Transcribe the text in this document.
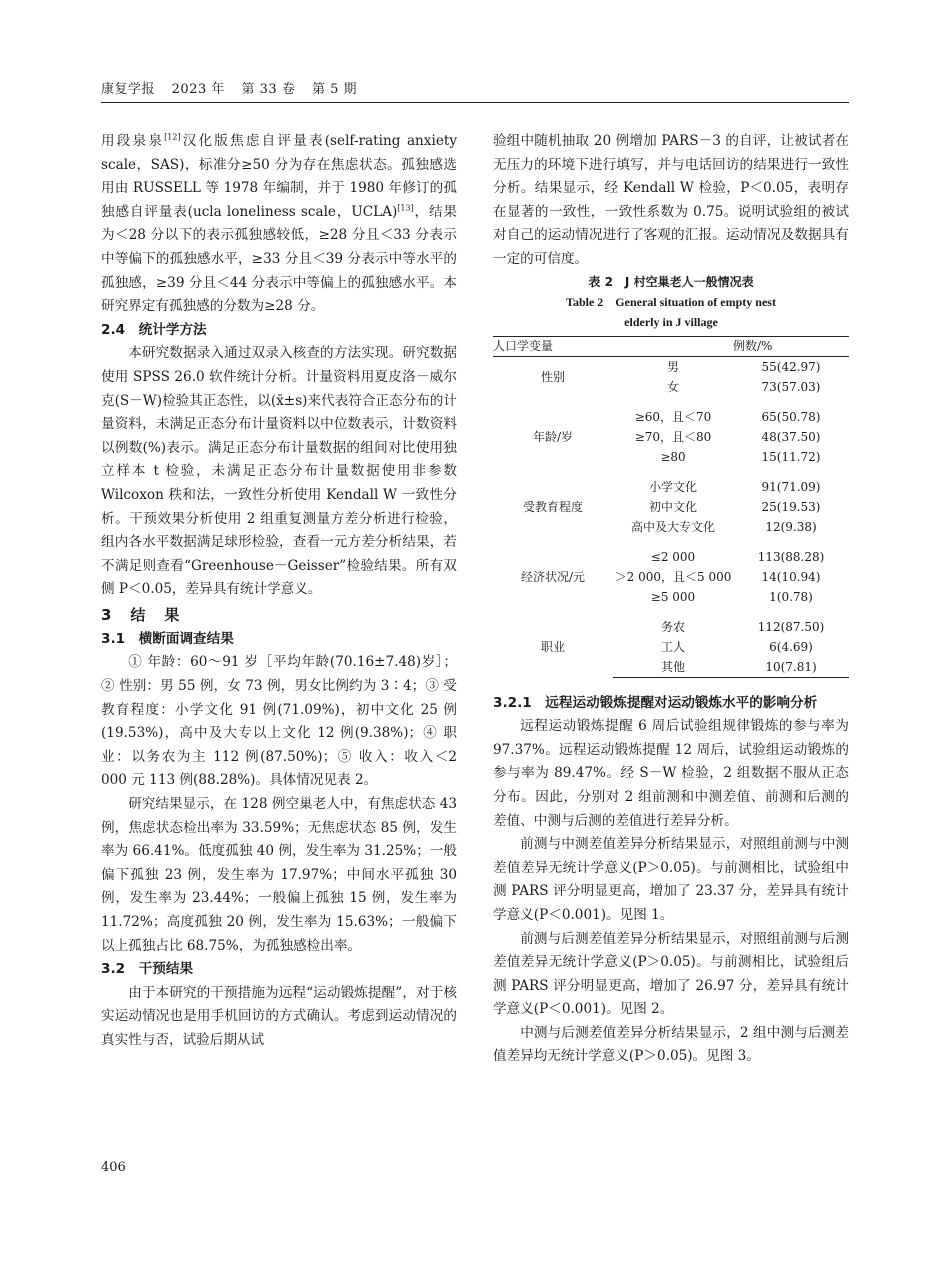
康复学报 2023 年 第 33 卷 第 5 期

用段泉泉[12]汉化版焦虑自评量表(self-rating anxiety scale，SAS)，标准分≥50 分为存在焦虑状态。孤独感选用由 RUSSELL 等 1978 年编制，并于 1980 年修订的孤独感自评量表(ucla loneliness scale，UCLA)[13]，结果为＜28 分以下的表示孤独感较低，≥28 分且＜33 分表示中等偏下的孤独感水平，≥33 分且＜39 分表示中等水平的孤独感，≥39 分且＜44 分表示中等偏上的孤独感水平。本研究界定有孤独感的分数为≥28 分。

2.4　统计学方法

本研究数据录入通过双录入核查的方法实现。研究数据使用 SPSS 26.0 软件统计分析。计量资料用夏皮洛－威尔克(S－W)检验其正态性，以(x̄±s)来代表符合正态分布的计量资料，未满足正态分布计量资料以中位数表示，计数资料以例数(%)表示。满足正态分布计量数据的组间对比使用独立样本 t 检验，未满足正态分布计量数据使用非参数 Wilcoxon 秩和法，一致性分析使用 Kendall W 一致性分析。干预效果分析使用 2 组重复测量方差分析进行检验，组内各水平数据满足球形检验，查看一元方差分析结果，若不满足则查看“Greenhouse－Geisser”检验结果。所有双侧 P＜0.05，差异具有统计学意义。

3　结　果

3.1　横断面调查结果

① 年龄：60～91 岁［平均年龄(70.16±7.48)岁］；② 性别：男 55 例，女 73 例，男女比例约为 3∶4；③ 受教育程度：小学文化 91 例(71.09%)，初中文化 25 例(19.53%)，高中及大专以上文化 12 例(9.38%)；④ 职业：以务农为主 112 例(87.50%)；⑤ 收入：收入＜2 000 元 113 例(88.28%)。具体情况见表 2。

研究结果显示，在 128 例空巢老人中，有焦虑状态 43 例，焦虑状态检出率为 33.59%；无焦虑状态 85 例，发生率为 66.41%。低度孤独 40 例，发生率为 31.25%；一般偏下孤独 23 例，发生率为 17.97%；中间水平孤独 30 例，发生率为 23.44%；一般偏上孤独 15 例，发生率为 11.72%；高度孤独 20 例，发生率为 15.63%；一般偏下以上孤独占比 68.75%，为孤独感检出率。

3.2　干预结果

由于本研究的干预措施为远程“运动锻炼提醒”，对于核实运动情况也是用手机回访的方式确认。考虑到运动情况的真实性与否，试验后期从试

验组中随机抽取 20 例增加 PARS－3 的自评，让被试者在无压力的环境下进行填写，并与电话回访的结果进行一致性分析。结果显示，经 Kendall W 检验，P＜0.05，表明存在显著的一致性，一致性系数为 0.75。说明试验组的被试对自己的运动情况进行了客观的汇报。运动情况及数据具有一定的可信度。

表 2　J 村空巢老人一般情况表

Table 2　General situation of empty nest

elderly in J village

人口学变量		例数/%
性别	男	55(42.97)
	女	73(57.03)

年龄/岁	≥60，且＜70	65(50.78)
	≥70，且＜80	48(37.50)
	≥80	15(11.72)

受教育程度	小学文化	91(71.09)
	初中文化	25(19.53)
	高中及大专文化	12(9.38)

经济状况/元	≤2 000	113(88.28)
	＞2 000，且＜5 000	14(10.94)
	≥5 000	1(0.78)

职业	务农	112(87.50)
	工人	6(4.69)
	其他	10(7.81)

3.2.1　远程运动锻炼提醒对运动锻炼水平的影响分析

远程运动锻炼提醒 6 周后试验组规律锻炼的参与率为 97.37%。远程运动锻炼提醒 12 周后，试验组运动锻炼的参与率为 89.47%。经 S－W 检验，2 组数据不服从正态分布。因此，分别对 2 组前测和中测差值、前测和后测的差值、中测与后测的差值进行差异分析。

前测与中测差值差异分析结果显示，对照组前测与中测差值差异无统计学意义(P＞0.05)。与前测相比，试验组中测 PARS 评分明显更高，增加了 23.37 分，差异具有统计学意义(P＜0.001)。见图 1。

前测与后测差值差异分析结果显示，对照组前测与后测差值差异无统计学意义(P＞0.05)。与前测相比，试验组后测 PARS 评分明显更高，增加了 26.97 分，差异具有统计学意义(P＜0.001)。见图 2。

中测与后测差值差异分析结果显示，2 组中测与后测差值差异均无统计学意义(P＞0.05)。见图 3。

406
